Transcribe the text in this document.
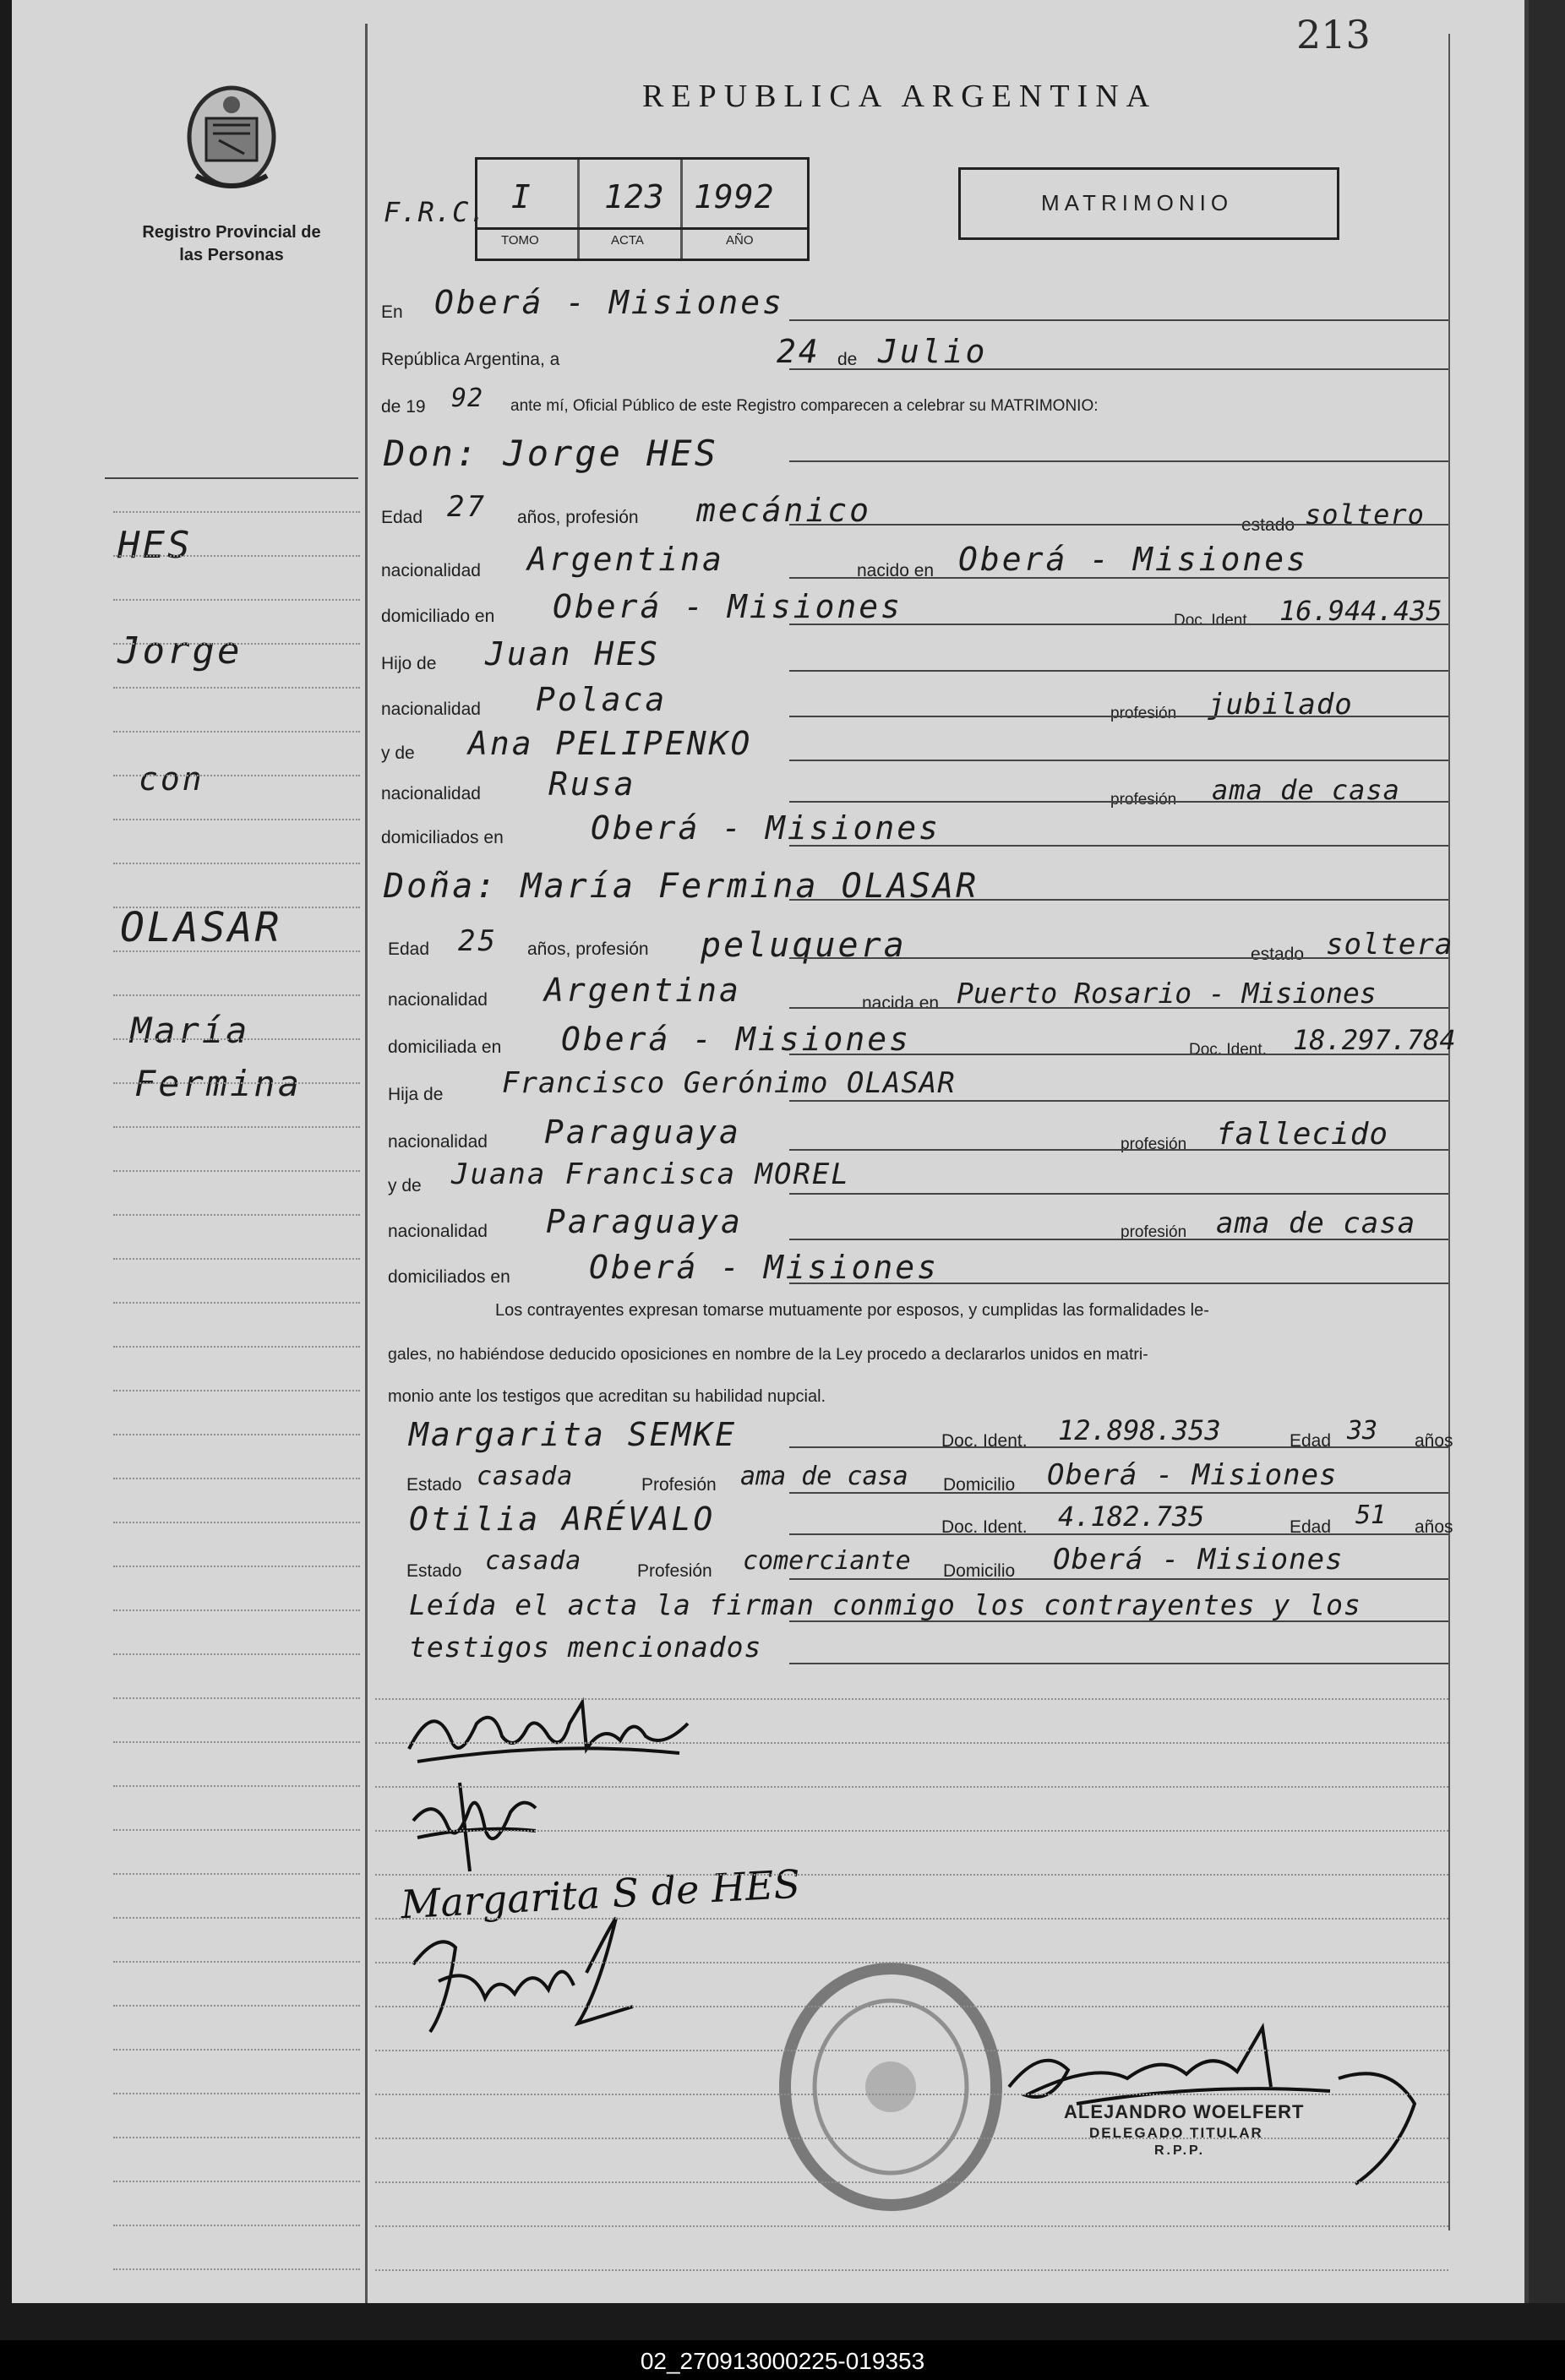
213
Registro Provincial de las Personas
HES
Jorge
con
OLASAR
María
Fermina
REPUBLICA ARGENTINA
F.R.C. I 123 1992
TOMO	ACTA	AÑO
MATRIMONIO
En Oberá - Misiones
República Argentina, a	24 de Julio
de 19 92 ante mí, Oficial Público de este Registro comparecen a celebrar su MATRIMONIO:
Don: Jorge HES
Edad 27 años, profesión mecánico	estado soltero
nacionalidad Argentina	nacido en Oberá - Misiones
domiciliado en Oberá - Misiones	Doc. Ident. 16.944.435
Hijo de Juan HES
nacionalidad Polaca	profesión jubilado
y de Ana PELIPENKO
nacionalidad Rusa	profesión ama de casa
domiciliados en	Oberá - Misiones
Doña: María Fermina OLASAR
Edad 25 años, profesión peluquera	estado soltera
nacionalidad Argentina	nacida en Puerto Rosario - Misiones
domiciliada en Oberá - Misiones	Doc. Ident. 18.297.784
Hija de Francisco Gerónimo OLASAR
nacionalidad Paraguaya	profesión fallecido
y de Juana Francisca MOREL
nacionalidad Paraguaya	profesión ama de casa
domiciliados en Oberá - Misiones
Los contrayentes expresan tomarse mutuamente por esposos, y cumplidas las formalidades le-
gales, no habiéndose deducido oposiciones en nombre de la Ley procedo a declararlos unidos en matri-
monio ante los testigos que acreditan su habilidad nupcial.
Margarita SEMKE	Doc. Ident. 12.898.353	Edad 33 años
Estado casada	Profesión ama de casa Domicilio Oberá - Misiones
Otilia ARÉVALO	Doc. Ident. 4.182.735	Edad 51 años
Estado casada	Profesión comerciante Domicilio Oberá - Misiones
Leída el acta la firman conmigo los contrayentes y los
testigos mencionados
Margarita S de HES
ALEJANDRO WOELFERT
DELEGADO TITULAR
R.P.P.
02_270913000225-019353
